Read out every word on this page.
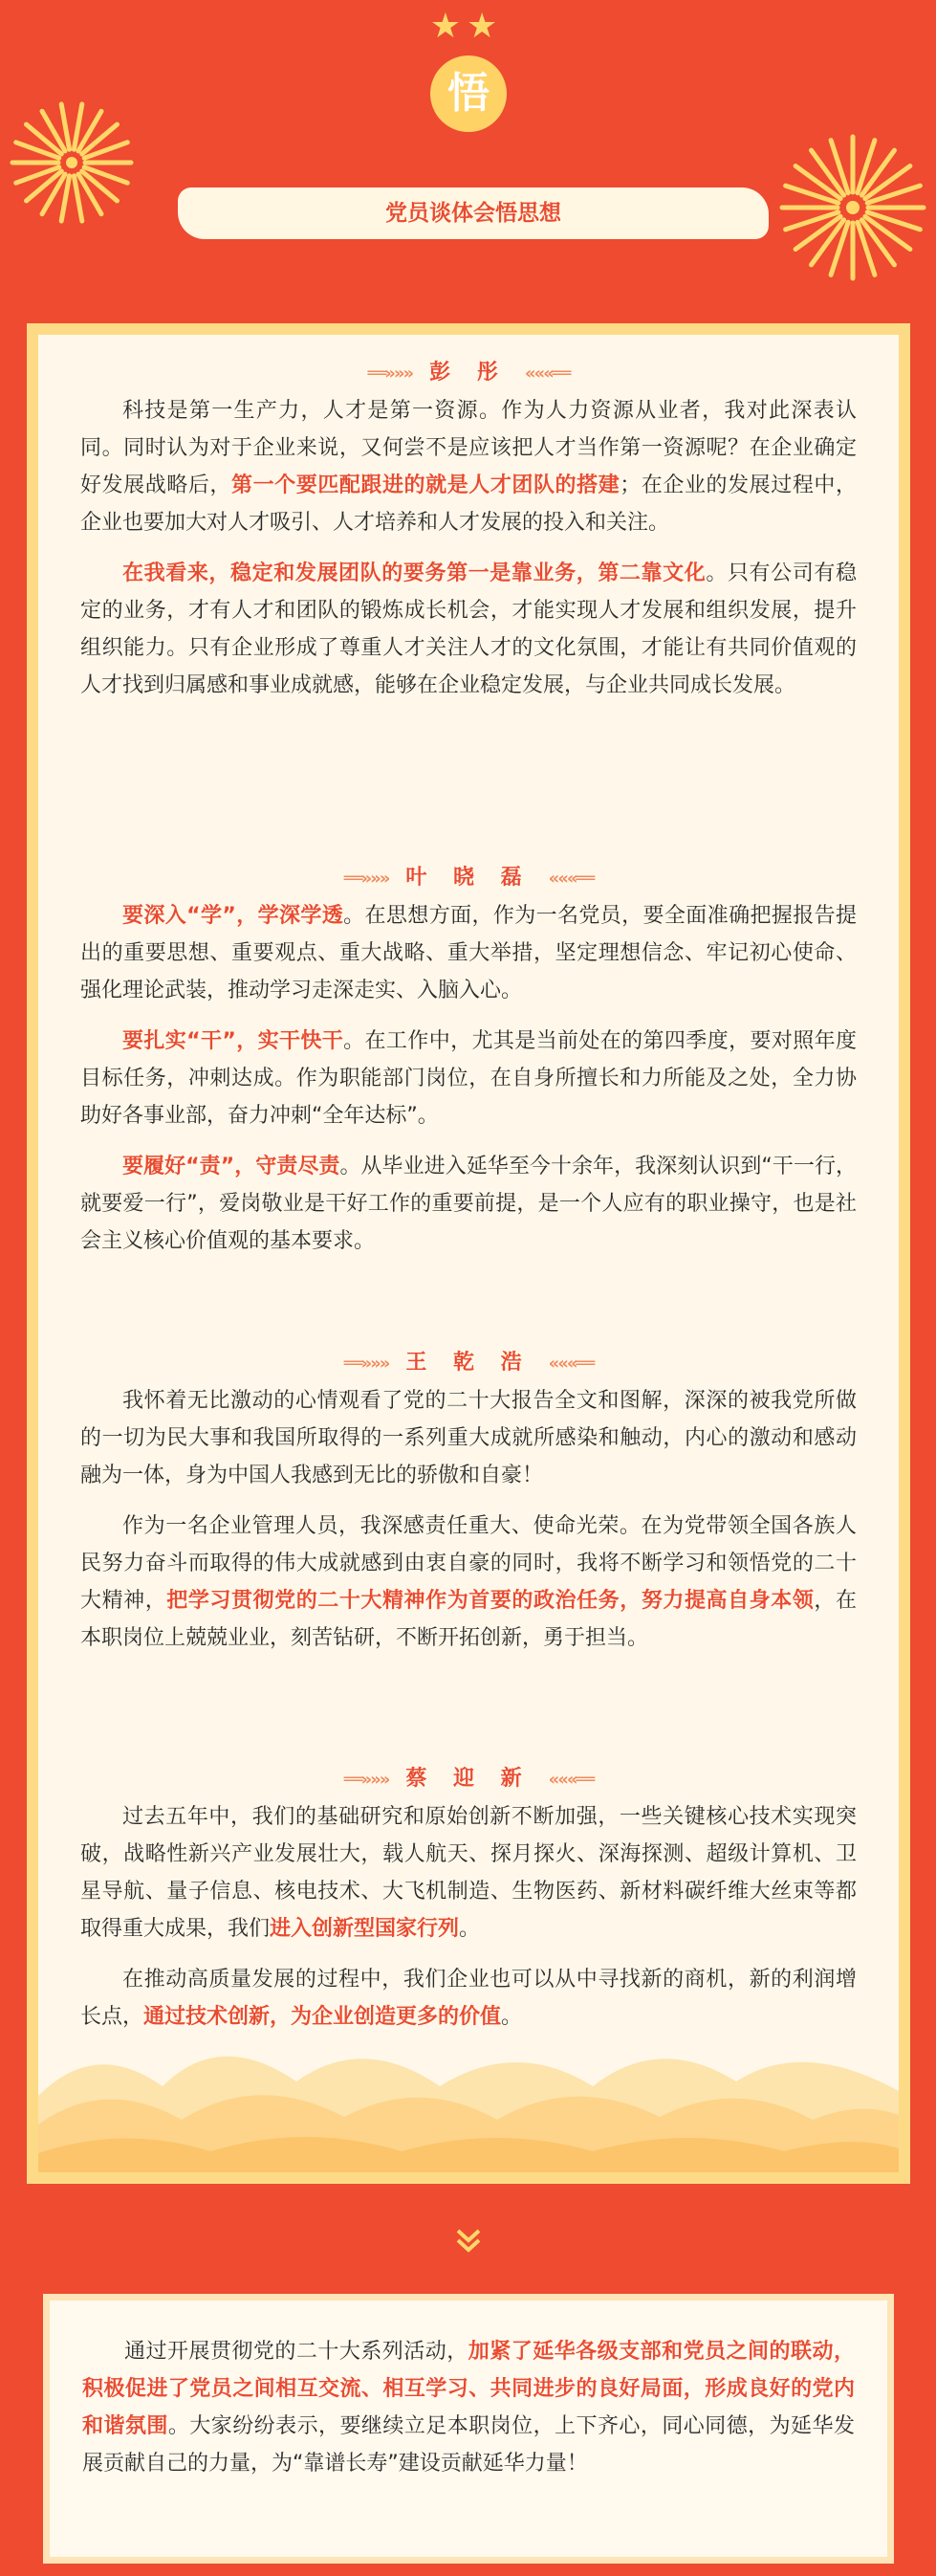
★★
悟
党员谈体会悟思想
══»»» 彭 彤 «««══

科技是第一生产力，人才是第一资源。作为人力资源从业者，我对此深表认同。同时认为对于企业来说，又何尝不是应该把人才当作第一资源呢？在企业确定好发展战略后，第一个要匹配跟进的就是人才团队的搭建；在企业的发展过程中，企业也要加大对人才吸引、人才培养和人才发展的投入和关注。

在我看来，稳定和发展团队的要务第一是靠业务，第二靠文化。只有公司有稳定的业务，才有人才和团队的锻炼成长机会，才能实现人才发展和组织发展，提升组织能力。只有企业形成了尊重人才关注人才的文化氛围，才能让有共同价值观的人才找到归属感和事业成就感，能够在企业稳定发展，与企业共同成长发展。

══»»» 叶 晓 磊 «««══

要深入“学”，学深学透。在思想方面，作为一名党员，要全面准确把握报告提出的重要思想、重要观点、重大战略、重大举措，坚定理想信念、牢记初心使命、强化理论武装，推动学习走深走实、入脑入心。

要扎实“干”，实干快干。在工作中，尤其是当前处在的第四季度，要对照年度目标任务，冲刺达成。作为职能部门岗位，在自身所擅长和力所能及之处，全力协助好各事业部，奋力冲刺“全年达标”。

要履好“责”，守责尽责。从毕业进入延华至今十余年，我深刻认识到“干一行，就要爱一行”，爱岗敬业是干好工作的重要前提，是一个人应有的职业操守，也是社会主义核心价值观的基本要求。

══»»» 王 乾 浩 «««══

我怀着无比激动的心情观看了党的二十大报告全文和图解，深深的被我党所做的一切为民大事和我国所取得的一系列重大成就所感染和触动，内心的激动和感动融为一体，身为中国人我感到无比的骄傲和自豪！

作为一名企业管理人员，我深感责任重大、使命光荣。在为党带领全国各族人民努力奋斗而取得的伟大成就感到由衷自豪的同时，我将不断学习和领悟党的二十大精神，把学习贯彻党的二十大精神作为首要的政治任务，努力提高自身本领，在本职岗位上兢兢业业，刻苦钻研，不断开拓创新，勇于担当。

══»»» 蔡 迎 新 «««══

过去五年中，我们的基础研究和原始创新不断加强，一些关键核心技术实现突破，战略性新兴产业发展壮大，载人航天、探月探火、深海探测、超级计算机、卫星导航、量子信息、核电技术、大飞机制造、生物医药、新材料碳纤维大丝束等都取得重大成果，我们进入创新型国家行列。

在推动高质量发展的过程中，我们企业也可以从中寻找新的商机，新的利润增长点，通过技术创新，为企业创造更多的价值。

通过开展贯彻党的二十大系列活动，加紧了延华各级支部和党员之间的联动，积极促进了党员之间相互交流、相互学习、共同进步的良好局面，形成良好的党内和谐氛围。大家纷纷表示，要继续立足本职岗位，上下齐心，同心同德，为延华发展贡献自己的力量，为“靠谱长寿”建设贡献延华力量！
